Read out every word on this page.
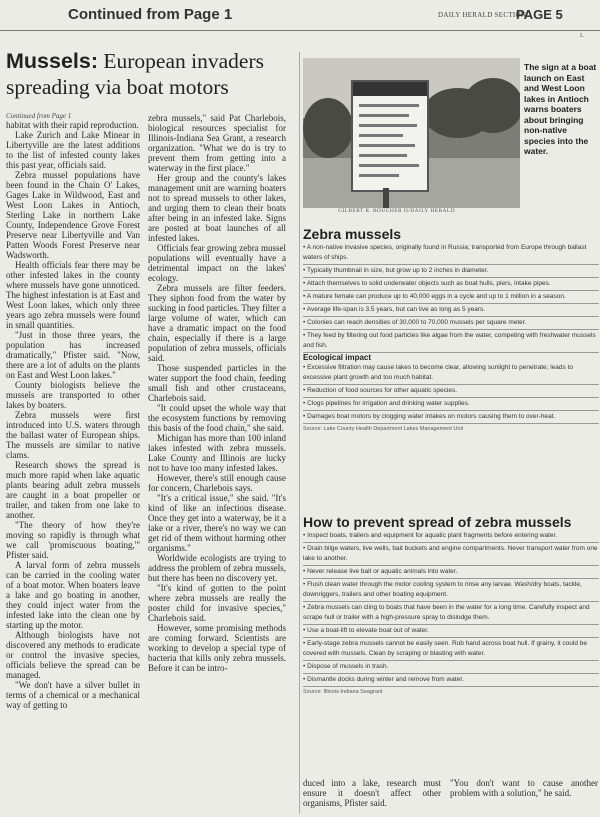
Continued from Page 1	DAILY HERALD SECTION 1
PAGE 5
L
Mussels: European invaders spreading via boat motors
Continued from Page 1

habitat with their rapid reproduction.

Lake Zurich and Lake Minear in Libertyville are the latest additions to the list of infested county lakes this past year, officials said.

Zebra mussel populations have been found in the Chain O' Lakes, Gages Lake in Wildwood, East and West Loon Lakes in Antioch, Sterling Lake in northern Lake County, Independence Grove Forest Preserve near Libertyville and Van Patten Woods Forest Preserve near Wadsworth.

Health officials fear there may be other infested lakes in the county where mussels have gone unnoticed. The highest infestation is at East and West Loon lakes, which only three years ago zebra mussels were found in small quantities.

"Just in those three years, the population has increased dramatically," Pfister said. "Now, there are a lot of adults on the plants on East and West Loon lakes."

County biologists believe the mussels are transported to other lakes by boaters.

Zebra mussels were first introduced into U.S. waters through the ballast water of European ships. The mussels are similar to native clams.

Research shows the spread is much more rapid when lake aquatic plants bearing adult zebra mussels are caught in a boat propeller or trailer, and taken from one lake to another.

"The theory of how they're moving so rapidly is through what we call 'promiscuous boating,'" Pfister said.

A larval form of zebra mussels can be carried in the cooling water of a boat motor. When boaters leave a lake and go boating in another, they could inject water from the infested lake into the clean one by starting up the motor.

Although biologists have not discovered any methods to eradicate or control the invasive species, officials believe the spread can be managed.

"We don't have a silver bullet in terms of a chemical or a mechanical way of getting to

zebra mussels," said Pat Charlebois, biological resources specialist for Illinois-Indiana Sea Grant, a research organization. "What we do is try to prevent them from getting into a waterway in the first place."

Her group and the county's lakes management unit are warning boaters not to spread mussels to other lakes, and urging them to clean their boats after being in an infested lake. Signs are posted at boat launches of all infested lakes.

Officials fear growing zebra mussel populations will eventually have a detrimental impact on the lakes' ecology.

Zebra mussels are filter feeders. They siphon food from the water by sucking in food particles. They filter a large volume of water, which can have a dramatic impact on the food chain, especially if there is a large population of zebra mussels, officials said.

Those suspended particles in the water support the food chain, feeding small fish and other crustaceans, Charlebois said.

"It could upset the whole way that the ecosystem functions by removing this basis of the food chain," she said.

Michigan has more than 100 inland lakes infested with zebra mussels. Lake County and Illinois are lucky not to have too many infested lakes.

However, there's still enough cause for concern, Charlebois says.

"It's a critical issue," she said. "It's kind of like an infectious disease. Once they get into a waterway, be it a lake or a river, there's no way we can get rid of them without harming other organisms."

Worldwide ecologists are trying to address the problem of zebra mussels, but there has been no discovery yet.

"It's kind of gotten to the point where zebra mussels are really the poster child for invasive species," Charlebois said.

However, some promising methods are coming forward. Scientists are working to develop a special type of bacteria that kills only zebra mussels. Before it can be intro-

GILBERT R. BOUCHER II/DAILY HERALD
The sign at a boat launch on East and West Loon lakes in Antioch warns boaters about bringing non-native species into the water.
Zebra mussels
• A non-native invasive species, originally found in Russia; transported from Europe through ballast waters of ships.
• Typically thumbnail in size, but grow up to 2 inches in diameter.
• Attach themselves to solid underwater objects such as boat hulls, piers, intake pipes.
• A mature female can produce up to 40,000 eggs in a cycle and up to 1 million in a season.
• Average life-span is 3.5 years, but can live as long as 5 years.
• Colonies can reach densities of 30,000 to 70,000 mussels per square meter.
• They feed by filtering out food particles like algae from the water, competing with freshwater mussels and fish.
Ecological impact
• Excessive filtration may cause lakes to become clear, allowing sunlight to penetrate; leads to excessive plant growth and too much habitat.
• Reduction of food sources for other aquatic species.
• Clogs pipelines for irrigation and drinking water supplies.
• Damages boat motors by clogging water intakes on motors causing them to over-heat.
Source: Lake County Health Department Lakes Management Unit
How to prevent spread of zebra mussels
• Inspect boats, trailers and equipment for aquatic plant fragments before entering water.
• Drain bilge waters, live wells, bait buckets and engine compartments. Never transport water from one lake to another.
• Never release live bait or aquatic animals into water.
• Flush clean water through the motor cooling system to rinse any larvae. Wash/dry boats, tackle, downriggers, trailers and other boating equipment.
• Zebra mussels can cling to boats that have been in the water for a long time. Carefully inspect and scrape hull or trailer with a high-pressure spray to dislodge them.
• Use a boat-lift to elevate boat out of water.
• Early-stage zebra mussels cannot be easily seen. Rub hand across boat hull. If grainy, it could be covered with mussels. Clean by scraping or blasting with water.
• Dispose of mussels in trash.
• Dismantle docks during winter and remove from water.
Source: Illinois-Indiana Seagrant
duced into a lake, research must ensure it doesn't affect other organisms, Pfister said.
"You don't want to cause another problem with a solution," he said.
